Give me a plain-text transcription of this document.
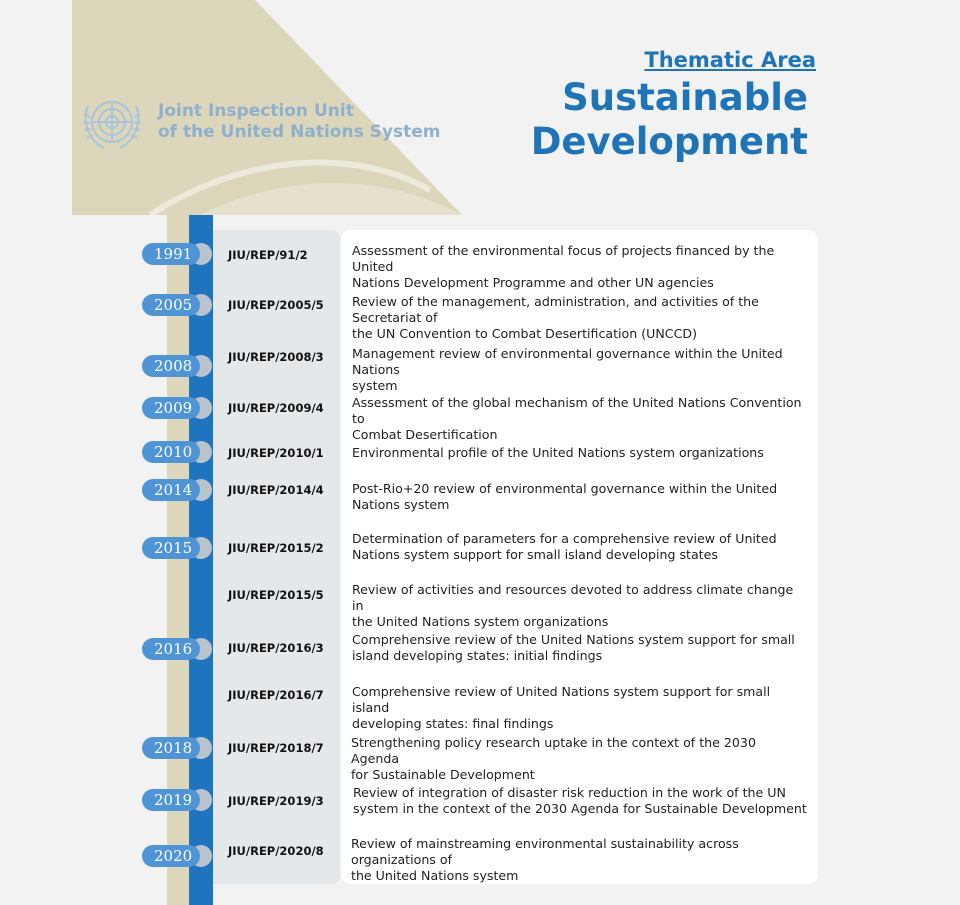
Joint Inspection Unit
of the United Nations System
Thematic Area
Sustainable
Development
1991
2005
2008
2009
2010
2014
2015
2016
2018
2019
2020
JIU/REP/91/2
JIU/REP/2005/5
JIU/REP/2008/3
JIU/REP/2009/4
JIU/REP/2010/1
JIU/REP/2014/4
JIU/REP/2015/2
JIU/REP/2015/5
JIU/REP/2016/3
JIU/REP/2016/7
JIU/REP/2018/7
JIU/REP/2019/3
JIU/REP/2020/8
Assessment of the environmental focus of projects financed by the United
Nations Development Programme and other UN agencies
Review of the management, administration, and activities of the Secretariat of
the UN Convention to Combat Desertification (UNCCD)
Management review of environmental governance within the United Nations
system
Assessment of the global mechanism of the United Nations Convention to
Combat Desertification
Environmental profile of the United Nations system organizations
Post-Rio+20 review of environmental governance within the United
Nations system
Determination of parameters for a comprehensive review of United
Nations system support for small island developing states
Review of activities and resources devoted to address climate change in
the United Nations system organizations
Comprehensive review of the United Nations system support for small
island developing states: initial findings
Comprehensive review of United Nations system support for small island
developing states: final findings
Strengthening policy research uptake in the context of the 2030 Agenda
for Sustainable Development
Review of integration of disaster risk reduction in the work of the UN
system in the context of the 2030 Agenda for Sustainable Development
Review of mainstreaming environmental sustainability across organizations of
the United Nations system
